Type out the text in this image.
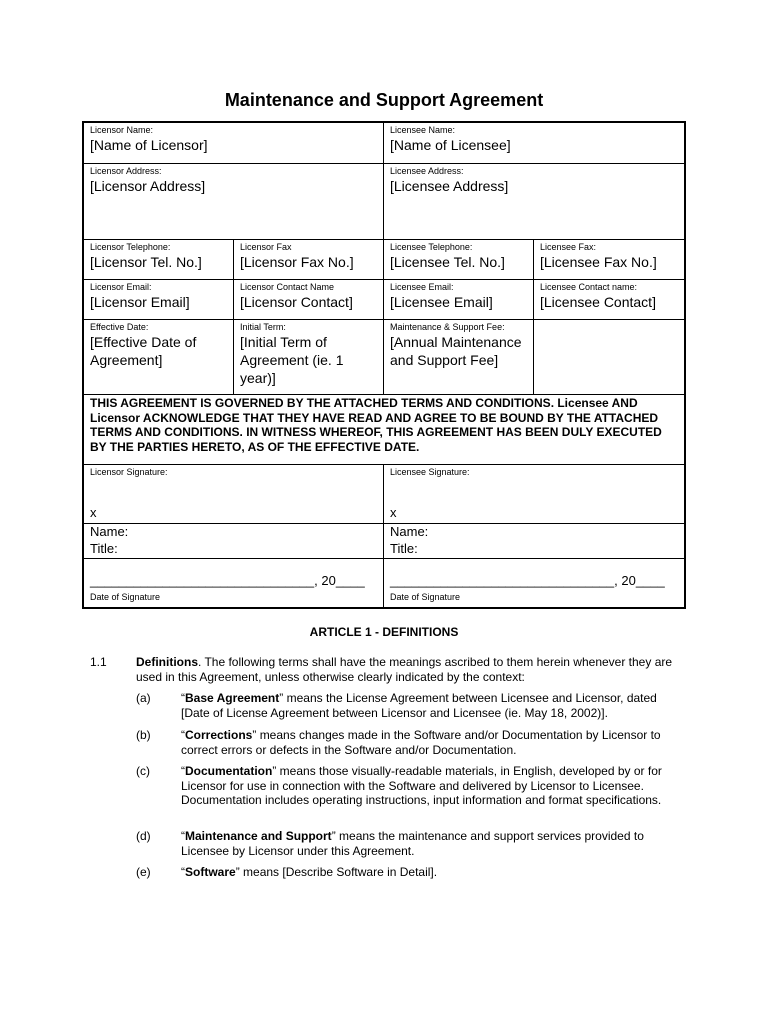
Maintenance and Support Agreement
Licensor Name:
[Name of Licensor]
Licensee Name:
[Name of Licensee]
Licensor Address:
[Licensor Address]
Licensee Address:
[Licensee Address]
Licensor Telephone:
[Licensor Tel. No.]
Licensor Fax
[Licensor Fax No.]
Licensee Telephone:
[Licensee Tel. No.]
Licensee Fax:
[Licensee Fax No.]
Licensor Email:
[Licensor Email]
Licensor Contact Name
[Licensor Contact]
Licensee Email:
[Licensee Email]
Licensee Contact name:
[Licensee Contact]
Effective Date:
[Effective Date of Agreement]
Initial Term:
[Initial Term of Agreement (ie. 1 year)]
Maintenance & Support Fee:
[Annual Maintenance and Support Fee]
THIS AGREEMENT IS GOVERNED BY THE ATTACHED TERMS AND CONDITIONS. Licensee AND Licensor ACKNOWLEDGE THAT THEY HAVE READ AND AGREE TO BE BOUND BY THE ATTACHED TERMS AND CONDITIONS. IN WITNESS WHEREOF, THIS AGREEMENT HAS BEEN DULY EXECUTED BY THE PARTIES HERETO, AS OF THE EFFECTIVE DATE.
Licensor Signature:
x
Licensee Signature:
x
Name:
Title:
Name:
Title:
_______________________________, 20____
Date of Signature
_______________________________, 20____
Date of Signature
ARTICLE 1 - DEFINITIONS
1.1 Definitions. The following terms shall have the meanings ascribed to them herein whenever they are used in this Agreement, unless otherwise clearly indicated by the context:
(a)	“Base Agreement” means the License Agreement between Licensee and Licensor, dated [Date of License Agreement between Licensor and Licensee (ie. May 18, 2002)].
(b)	“Corrections” means changes made in the Software and/or Documentation by Licensor to correct errors or defects in the Software and/or Documentation.
(c)	“Documentation” means those visually-readable materials, in English, developed by or for Licensor for use in connection with the Software and delivered by Licensor to Licensee. Documentation includes operating instructions, input information and format specifications.
(d)	“Maintenance and Support” means the maintenance and support services provided to Licensee by Licensor under this Agreement.
(e)	“Software” means [Describe Software in Detail].
